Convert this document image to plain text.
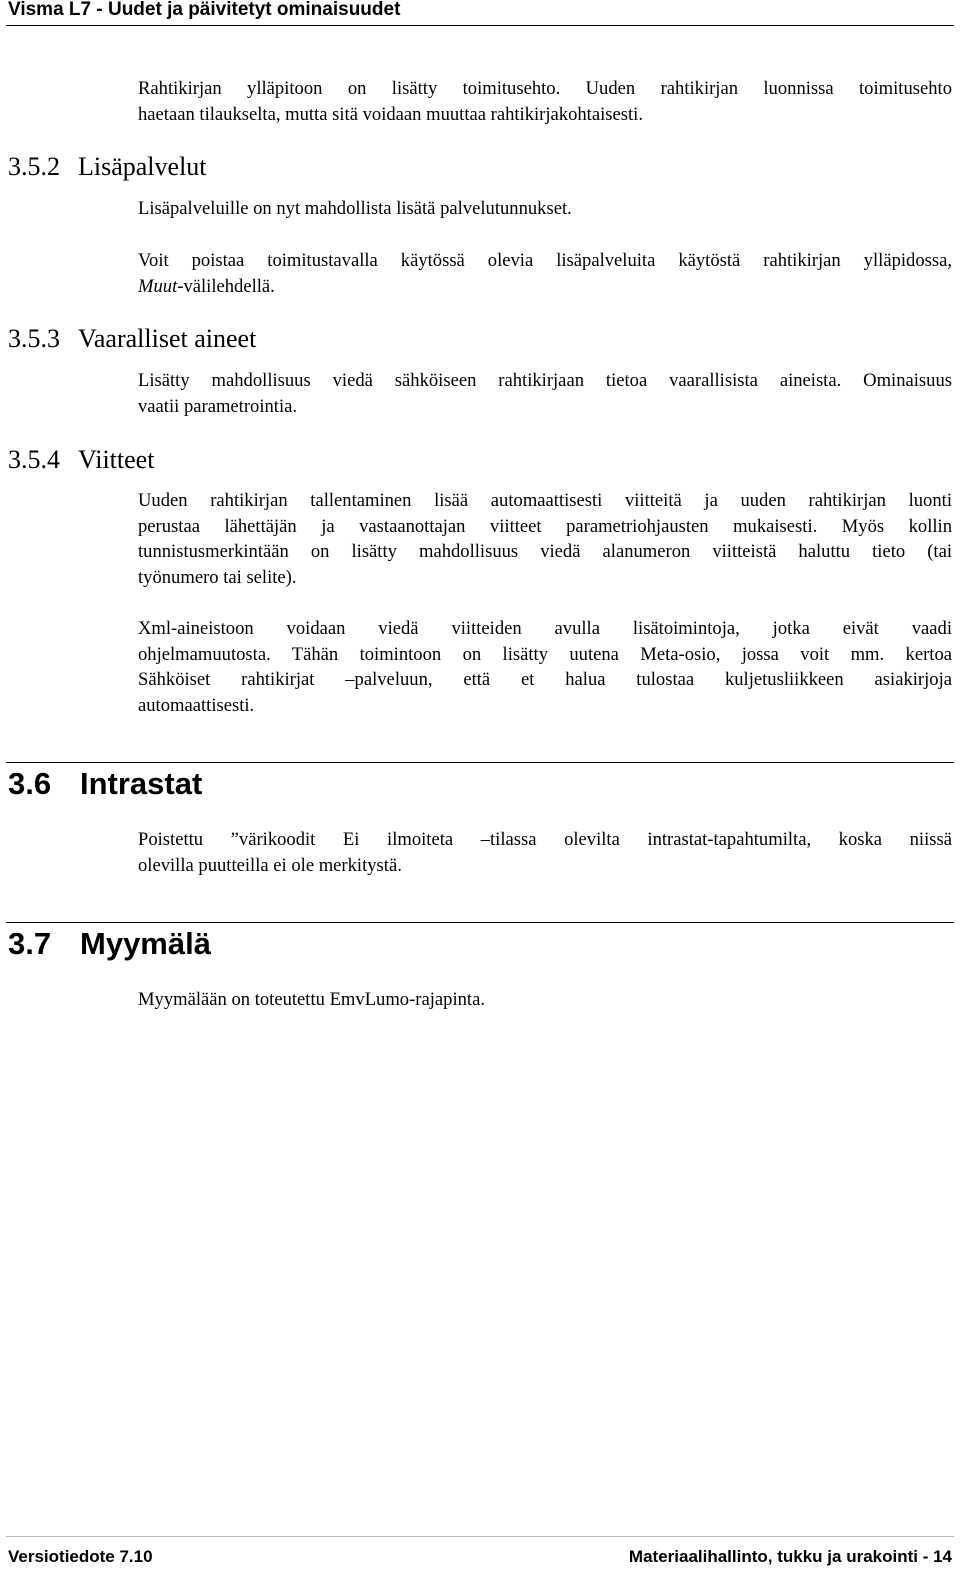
Visma L7 - Uudet ja päivitetyt ominaisuudet
Rahtikirjan ylläpitoon on lisätty toimitusehto. Uuden rahtikirjan luonnissa toimitusehto
haetaan tilaukselta, mutta sitä voidaan muuttaa rahtikirjakohtaisesti.
3.5.2 Lisäpalvelut
Lisäpalveluille on nyt mahdollista lisätä palvelutunnukset.
Voit poistaa toimitustavalla käytössä olevia lisäpalveluita käytöstä rahtikirjan ylläpidossa,
Muut-välilehdellä.
3.5.3 Vaaralliset aineet
Lisätty mahdollisuus viedä sähköiseen rahtikirjaan tietoa vaarallisista aineista. Ominaisuus
vaatii parametrointia.
3.5.4 Viitteet
Uuden rahtikirjan tallentaminen lisää automaattisesti viitteitä ja uuden rahtikirjan luonti
perustaa lähettäjän ja vastaanottajan viitteet parametriohjausten mukaisesti. Myös kollin
tunnistusmerkintään on lisätty mahdollisuus viedä alanumeron viitteistä haluttu tieto (tai
työnumero tai selite).
Xml-aineistoon voidaan viedä viitteiden avulla lisätoimintoja, jotka eivät vaadi
ohjelmamuutosta. Tähän toimintoon on lisätty uutena Meta-osio, jossa voit mm. kertoa
Sähköiset rahtikirjat –palveluun, että et halua tulostaa kuljetusliikkeen asiakirjoja
automaattisesti.
3.6 Intrastat
Poistettu ”värikoodit Ei ilmoiteta –tilassa olevilta intrastat-tapahtumilta, koska niissä
olevilla puutteilla ei ole merkitystä.
3.7 Myymälä
Myymälään on toteutettu EmvLumo-rajapinta.
Versiotiedote 7.10	Materiaalihallinto, tukku ja urakointi - 14
